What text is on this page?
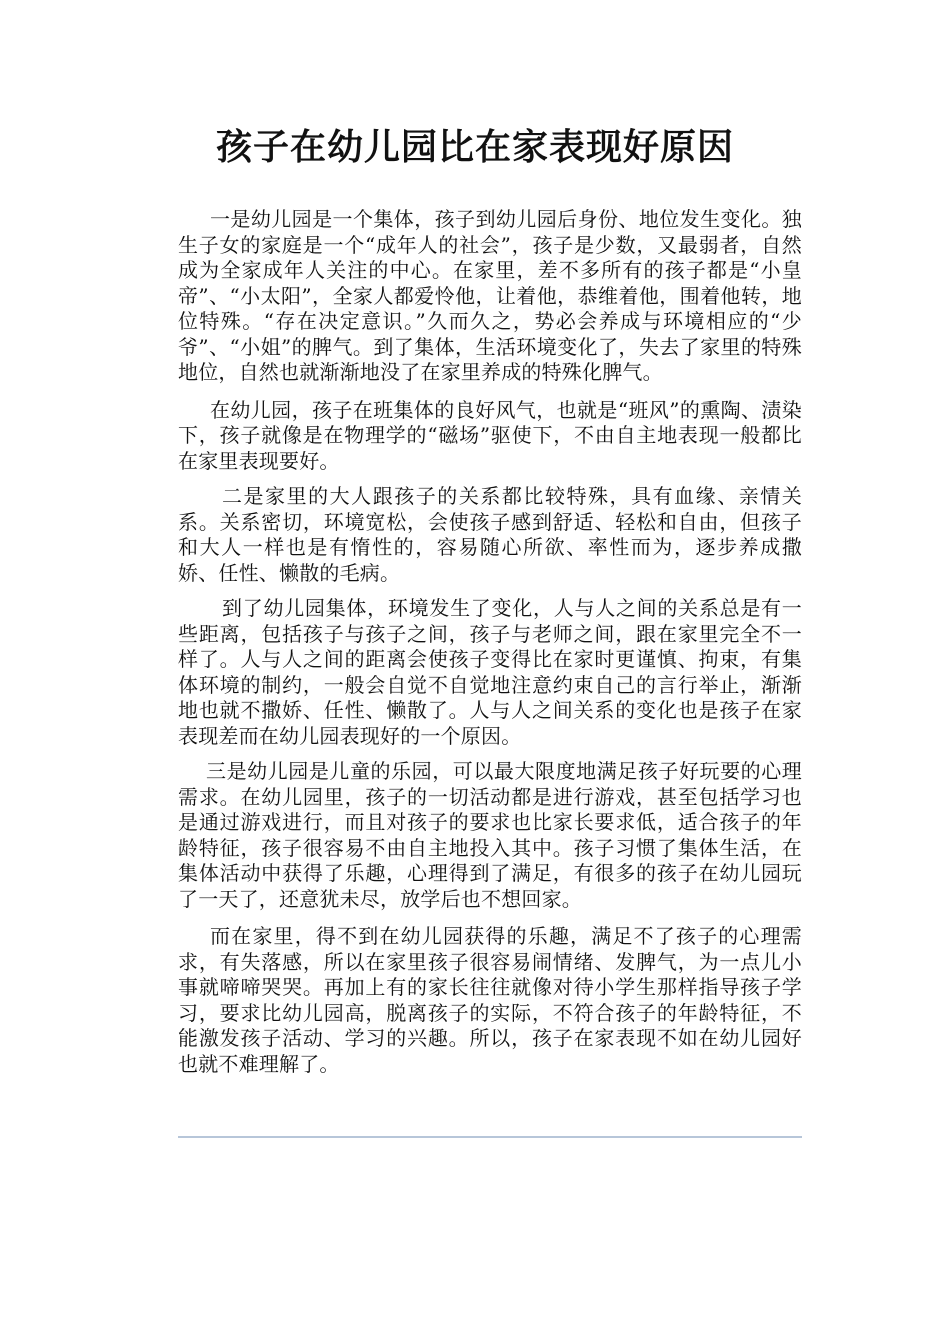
孩子在幼儿园比在家表现好原因

一是幼儿园是一个集体，孩子到幼儿园后身份、地位发生变化。独生子女的家庭是一个“成年人的社会”，孩子是少数，又最弱者，自然成为全家成年人关注的中心。在家里，差不多所有的孩子都是“小皇帝”、“小太阳”，全家人都爱怜他，让着他，恭维着他，围着他转，地位特殊。“存在决定意识。”久而久之，势必会养成与环境相应的“少爷”、“小姐”的脾气。到了集体，生活环境变化了，失去了家里的特殊地位，自然也就渐渐地没了在家里养成的特殊化脾气。

在幼儿园，孩子在班集体的良好风气，也就是“班风”的熏陶、渍染下，孩子就像是在物理学的“磁场”驱使下，不由自主地表现一般都比在家里表现要好。

二是家里的大人跟孩子的关系都比较特殊，具有血缘、亲情关系。关系密切，环境宽松，会使孩子感到舒适、轻松和自由，但孩子和大人一样也是有惰性的，容易随心所欲、率性而为，逐步养成撒娇、任性、懒散的毛病。

到了幼儿园集体，环境发生了变化，人与人之间的关系总是有一些距离，包括孩子与孩子之间，孩子与老师之间，跟在家里完全不一样了。人与人之间的距离会使孩子变得比在家时更谨慎、拘束，有集体环境的制约，一般会自觉不自觉地注意约束自己的言行举止，渐渐地也就不撒娇、任性、懒散了。人与人之间关系的变化也是孩子在家表现差而在幼儿园表现好的一个原因。

三是幼儿园是儿童的乐园，可以最大限度地满足孩子好玩要的心理需求。在幼儿园里，孩子的一切活动都是进行游戏，甚至包括学习也是通过游戏进行，而且对孩子的要求也比家长要求低，适合孩子的年龄特征，孩子很容易不由自主地投入其中。孩子习惯了集体生活，在集体活动中获得了乐趣，心理得到了满足，有很多的孩子在幼儿园玩了一天了，还意犹未尽，放学后也不想回家。

而在家里，得不到在幼儿园获得的乐趣，满足不了孩子的心理需求，有失落感，所以在家里孩子很容易闹情绪、发脾气，为一点儿小事就啼啼哭哭。再加上有的家长往往就像对待小学生那样指导孩子学习，要求比幼儿园高，脱离孩子的实际，不符合孩子的年龄特征，不能激发孩子活动、学习的兴趣。所以，孩子在家表现不如在幼儿园好也就不难理解了。
